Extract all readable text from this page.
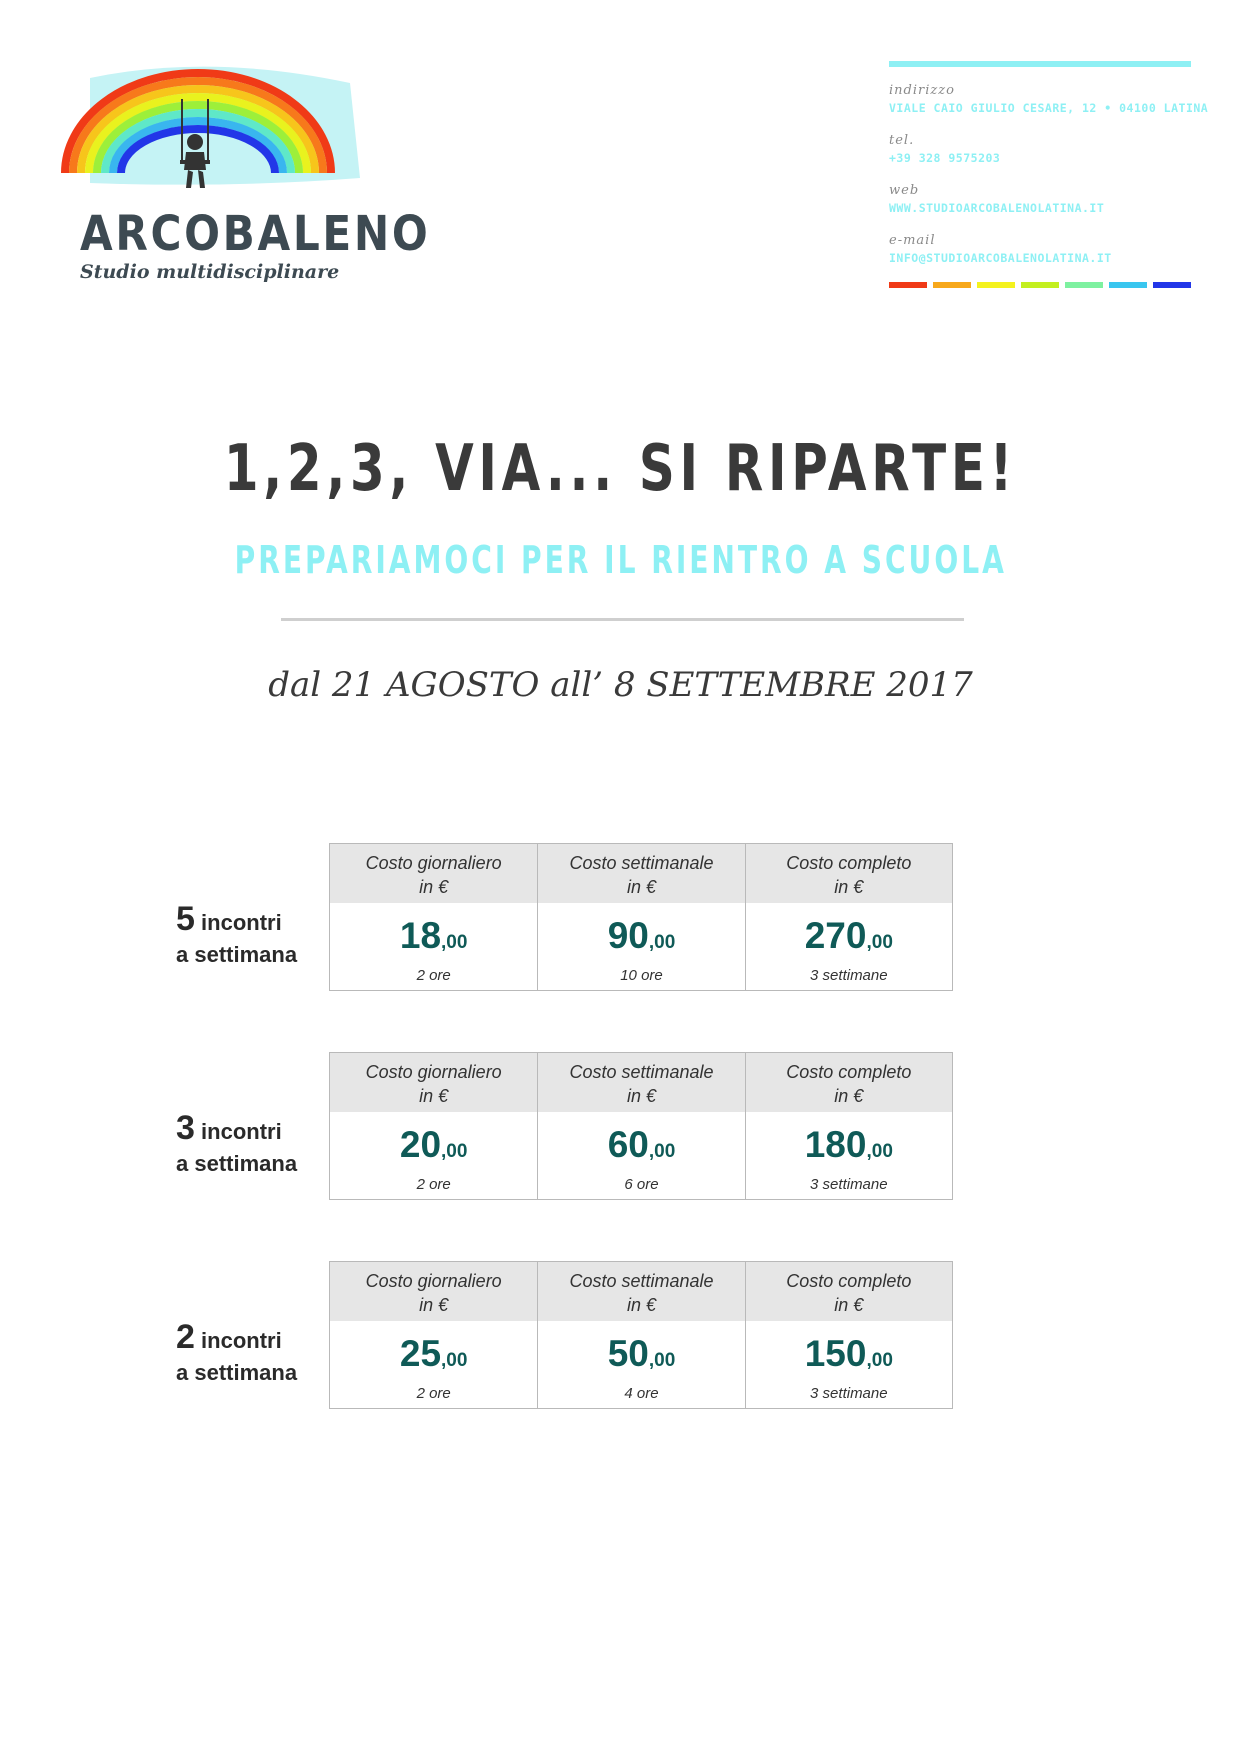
ARCOBALENO
Studio multidisciplinare
indirizzo
VIALE CAIO GIULIO CESARE, 12 • 04100 LATINA
tel.
+39 328 9575203
web
WWW.STUDIOARCOBALENOLATINA.IT
e-mail
INFO@STUDIOARCOBALENOLATINA.IT
1,2,3, VIA... SI RIPARTE!
PREPARIAMOCI PER IL RIENTRO A SCUOLA
dal 21 AGOSTO all’ 8 SETTEMBRE 2017
5 incontri
a settimana
Costo giornaliero
in €
18,00
2 ore
Costo settimanale
in €
90,00
10 ore
Costo completo
in €
270,00
3 settimane
3 incontri
a settimana
Costo giornaliero
in €
20,00
2 ore
Costo settimanale
in €
60,00
6 ore
Costo completo
in €
180,00
3 settimane
2 incontri
a settimana
Costo giornaliero
in €
25,00
2 ore
Costo settimanale
in €
50,00
4 ore
Costo completo
in €
150,00
3 settimane
